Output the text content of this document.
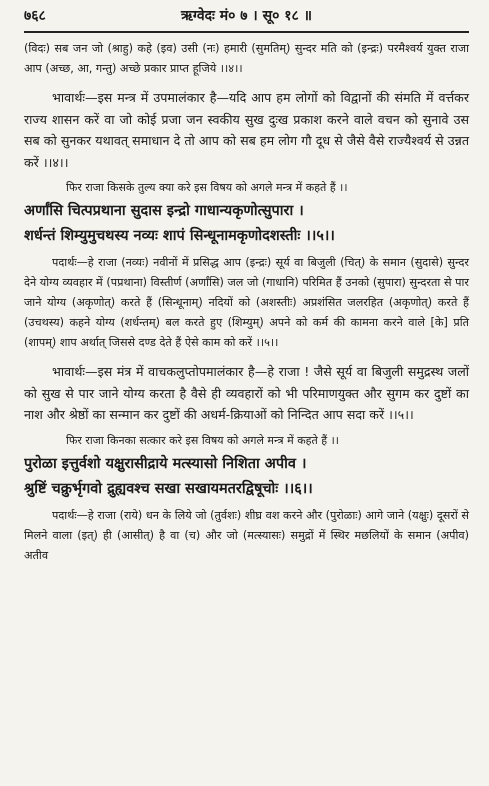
७६८	ऋग्वेदः मं० ७ । सू० १८ ॥

(विदः) सब जन जो (श्राहु) कहे (इव) उसी (नः) हमारी (सुमतिम्) सुन्दर मति को (इन्द्रः) परमैश्वर्य युक्त राजा आप (अच्छ, आ, गन्तु) अच्छे प्रकार प्राप्त हूजिये ।।४।।

भावार्थः—इस मन्त्र में उपमालंकार है—यदि आप हम लोगों को विद्वानों की संमति में वर्त्तकर राज्य शासन करें वा जो कोई प्रजा जन स्वकीय सुख दुःख प्रकाश करने वाले वचन को सुनावे उस सब को सुनकर यथावत् समाधान दे तो आप को सब हम लोग गौ दूध से जैसे वैसे राज्यैश्वर्य से उन्नत करें ।।४।।

फिर राजा किसके तुल्य क्या करे इस विषय को अगले मन्त्र में कहते हैं ।।

अर्णांसि चित्पप्रथाना सुदास इन्द्रो गाधान्यकृणोत्सुपारा ।
शर्धन्तं शिम्युमुचथस्य नव्यः शापं सिन्धूनामकृणोदशस्तीः ।।५।।

पदार्थः—हे राजा (नव्यः) नवीनों में प्रसिद्ध आप (इन्द्रः) सूर्य वा बिजुली (चित्) के समान (सुदासे) सुन्दर देने योग्य व्यवहार में (पप्रथाना) विस्तीर्ण (अर्णांसि) जल जो (गाधानि) परिमित हैं उनको (सुपारा) सुन्दरता से पार जाने योग्य (अकृणोत्) करते हैं (सिन्धूनाम्) नदियों को (अशस्तीः) अप्रशंसित जलरहित (अकृणोत्) करते हैं (उचथस्य) कहने योग्य (शर्धन्तम्) बल करते हुए (शिम्युम्) अपने को कर्म की कामना करने वाले [के] प्रति (शापम्) शाप अर्थात् जिससे दण्ड देते हैं ऐसे काम को करें ।।५।।

भावार्थः—इस मंत्र में वाचकलुप्तोपमालंकार है—हे राजा ! जैसे सूर्य वा बिजुली समुद्रस्थ जलों को सुख से पार जाने योग्य करता है वैसे ही व्यवहारों को भी परिमाणयुक्त और सुगम कर दुष्टों का नाश और श्रेष्ठों का सन्मान कर दुष्टों की अधर्म-क्रियाओं को निन्दित आप सदा करें ।।५।।

फिर राजा किनका सत्कार करे इस विषय को अगले मन्त्र में कहते हैं ।।

पुरोळा इत्तुर्वशो यक्षुरासीद्राये मत्स्यासो निशिता अपीव ।
श्रुष्टिं चक्रुर्भृगवो द्रुह्यवश्च सखा सखायमतरद्विषूचोः ।।६।।

पदार्थः—हे राजा (राये) धन के लिये जो (तुर्वशः) शीघ्र वश करने और (पुरोळाः) आगे जाने (यक्षुः) दूसरों से मिलने वाला (इत्) ही (आसीत्) है वा (च) और जो (मत्स्यासः) समुद्रों में स्थिर मछलियों के समान (अपीव) अतीव
